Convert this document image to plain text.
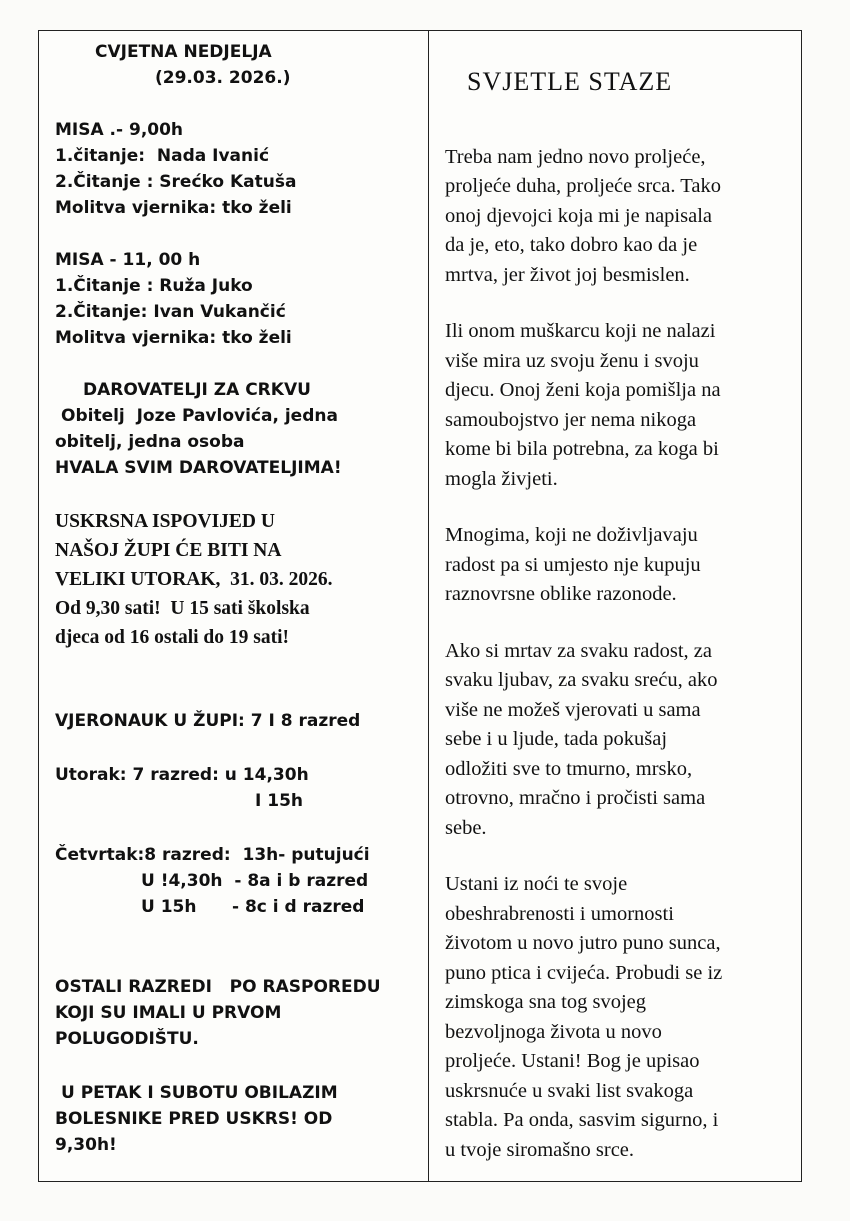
CVJETNA NEDJELJA
(29.03. 2026.)
MISA .- 9,00h
1.čitanje:  Nada Ivanić
2.Čitanje : Srećko Katuša
Molitva vjernika: tko želi
MISA - 11, 00 h
1.Čitanje : Ruža Juko
2.Čitanje: Ivan Vukančić
Molitva vjernika: tko želi
DAROVATELJI ZA CRKVU
Obitelj  Joze Pavlovića, jedna
obitelj, jedna osoba
HVALA SVIM DAROVATELJIMA!
USKRSNA ISPOVIJED U
NAŠOJ ŽUPI ĆE BITI NA
VELIKI UTORAK,  31. 03. 2026.
Od 9,30 sati!  U 15 sati školska
djeca od 16 ostali do 19 sati!
VJERONAUK U ŽUPI: 7 I 8 razred
Utorak: 7 razred: u 14,30h
I 15h
Četvrtak:8 razred:  13h- putujući
U !4,30h  - 8a i b razred
U 15h      - 8c i d razred
OSTALI RAZREDI   PO RASPOREDU
KOJI SU IMALI U PRVOM
POLUGODIŠTU.
U PETAK I SUBOTU OBILAZIM
BOLESNIKE PRED USKRS! OD
9,30h!
SVJETLE STAZE
Treba nam jedno novo proljeće,
proljeće duha, proljeće srca. Tako
onoj djevojci koja mi je napisala
da je, eto, tako dobro kao da je
mrtva, jer život joj besmislen.
Ili onom muškarcu koji ne nalazi
više mira uz svoju ženu i svoju
djecu. Onoj ženi koja pomišlja na
samoubojstvo jer nema nikoga
kome bi bila potrebna, za koga bi
mogla živjeti.
Mnogima, koji ne doživljavaju
radost pa si umjesto nje kupuju
raznovrsne oblike razonode.
Ako si mrtav za svaku radost, za
svaku ljubav, za svaku sreću, ako
više ne možeš vjerovati u sama
sebe i u ljude, tada pokušaj
odložiti sve to tmurno, mrsko,
otrovno, mračno i pročisti sama
sebe.
Ustani iz noći te svoje
obeshrabrenosti i umornosti
životom u novo jutro puno sunca,
puno ptica i cvijeća. Probudi se iz
zimskoga sna tog svojeg
bezvoljnoga života u novo
proljeće. Ustani! Bog je upisao
uskrsnuće u svaki list svakoga
stabla. Pa onda, sasvim sigurno, i
u tvoje siromašno srce.
